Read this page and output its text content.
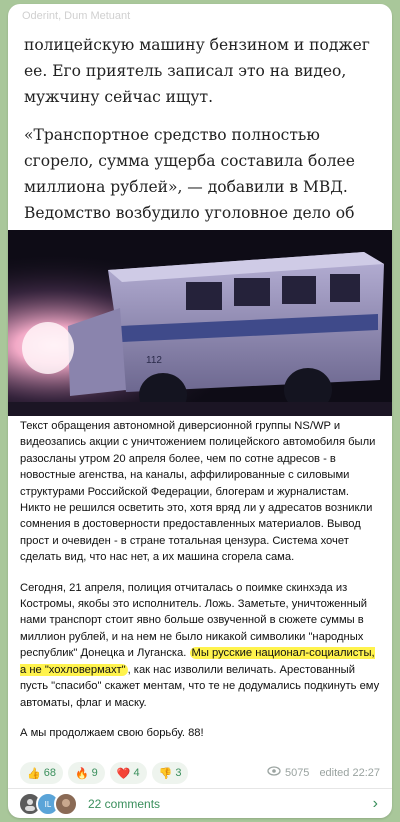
Oderint, Dum Metuant

полицейскую машину бензином и поджег ее. Его приятель записал это на видео, мужчину сейчас ищут.

«Транспортное средство полностью сгорело, сумма ущерба составила более миллиона рублей», — добавили в МВД. Ведомство возбудило уголовное дело об

112

Текст обращения автономной диверсионной группы NS/WP и видеозапись акции с уничтожением полицейского автомобиля были разосланы утром 20 апреля более, чем по сотне адресов - в новостные агенства, на каналы, аффилированные с силовыми структурами Российской Федерации, блогерам и журналистам. Никто не решился осветить это, хотя вряд ли у адресатов возникли сомнения в достоверности предоставленных материалов. Вывод прост и очевиден - в стране тотальная цензура. Система хочет сделать вид, что нас нет, а их машина сгорела сама.

Сегодня, 21 апреля, полиция отчиталась о поимке скинхэда из Костромы, якобы это исполнитель. Ложь. Заметьте, уничтоженный нами транспорт стоит явно больше озвученной в сюжете суммы в миллион рублей, и на нем не было никакой символики "народных республик" Донецка и Луганска. Мы русские национал-социалисты, а не "хохловермахт" , как нас изволили величать. Арестованный пусть "спасибо" скажет ментам, что те не додумались подкинуть ему автоматы, флаг и маску.

А мы продолжаем свою борьбу. 88!

👍 68 🔥 9 ❤️ 4 👎 3	5075 edited 22:27
IL	22 comments	›
